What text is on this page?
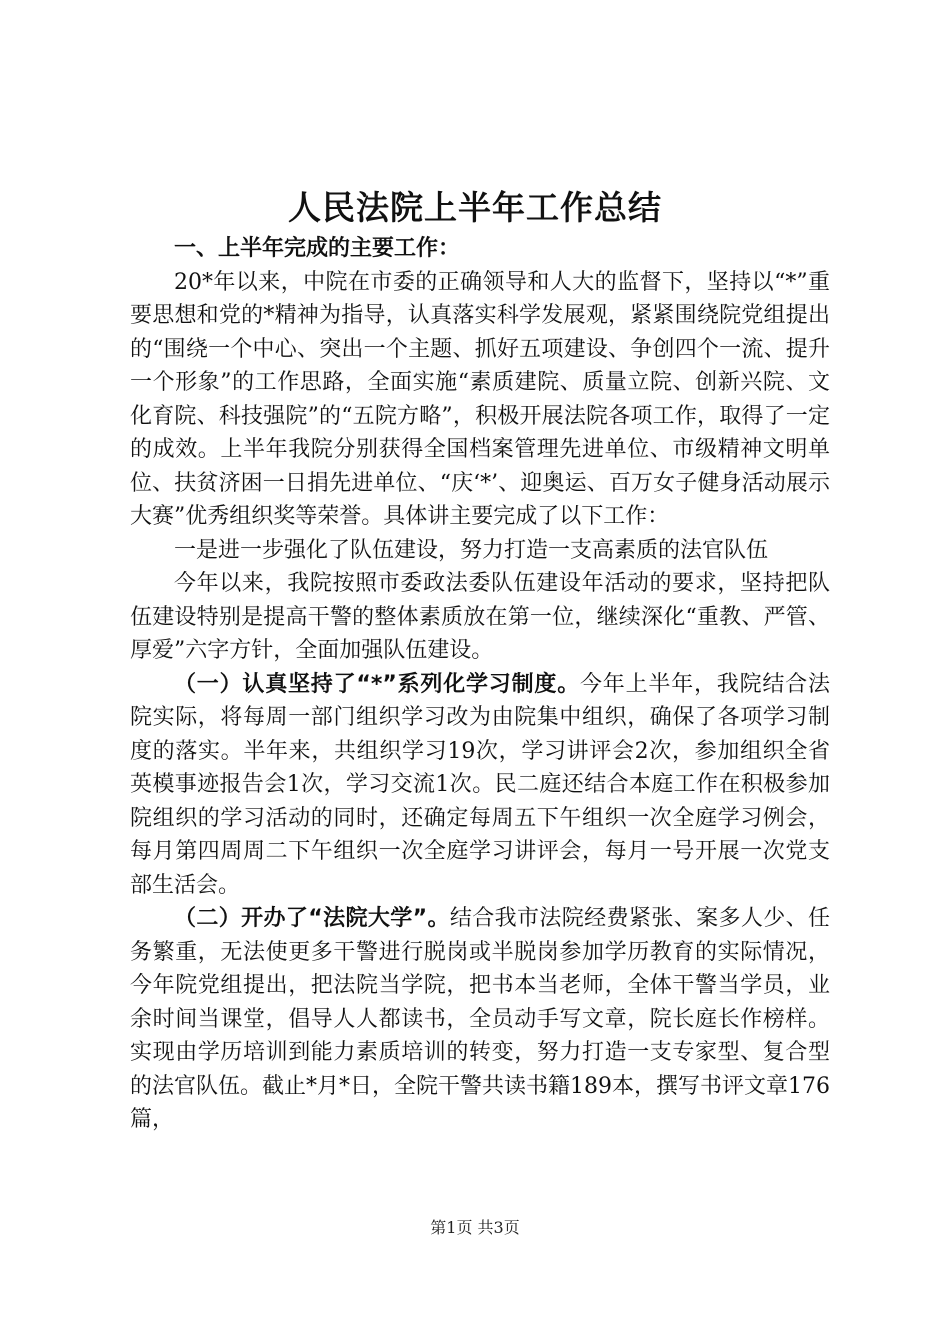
人民法院上半年工作总结

一、上半年完成的主要工作：

20*年以来，中院在市委的正确领导和人大的监督下，坚持以“*”重要思想和党的*精神为指导，认真落实科学发展观，紧紧围绕院党组提出的“围绕一个中心、突出一个主题、抓好五项建设、争创四个一流、提升一个形象”的工作思路，全面实施“素质建院、质量立院、创新兴院、文化育院、科技强院”的“五院方略”，积极开展法院各项工作，取得了一定的成效。上半年我院分别获得全国档案管理先进单位、市级精神文明单位、扶贫济困一日捐先进单位、“庆‘*’、迎奥运、百万女子健身活动展示大赛”优秀组织奖等荣誉。具体讲主要完成了以下工作：

一是进一步强化了队伍建设，努力打造一支高素质的法官队伍

今年以来，我院按照市委政法委队伍建设年活动的要求，坚持把队伍建设特别是提高干警的整体素质放在第一位，继续深化“重教、严管、厚爱”六字方针，全面加强队伍建设。

（一）认真坚持了“*”系列化学习制度。今年上半年，我院结合法院实际，将每周一部门组织学习改为由院集中组织，确保了各项学习制度的落实。半年来，共组织学习19次，学习讲评会2次，参加组织全省英模事迹报告会1次，学习交流1次。民二庭还结合本庭工作在积极参加院组织的学习活动的同时，还确定每周五下午组织一次全庭学习例会，每月第四周周二下午组织一次全庭学习讲评会，每月一号开展一次党支部生活会。

（二）开办了“法院大学”。结合我市法院经费紧张、案多人少、任务繁重，无法使更多干警进行脱岗或半脱岗参加学历教育的实际情况，今年院党组提出，把法院当学院，把书本当老师，全体干警当学员，业余时间当课堂，倡导人人都读书，全员动手写文章，院长庭长作榜样。实现由学历培训到能力素质培训的转变，努力打造一支专家型、复合型的法官队伍。截止*月*日，全院干警共读书籍189本，撰写书评文章176篇，

第1页 共3页
